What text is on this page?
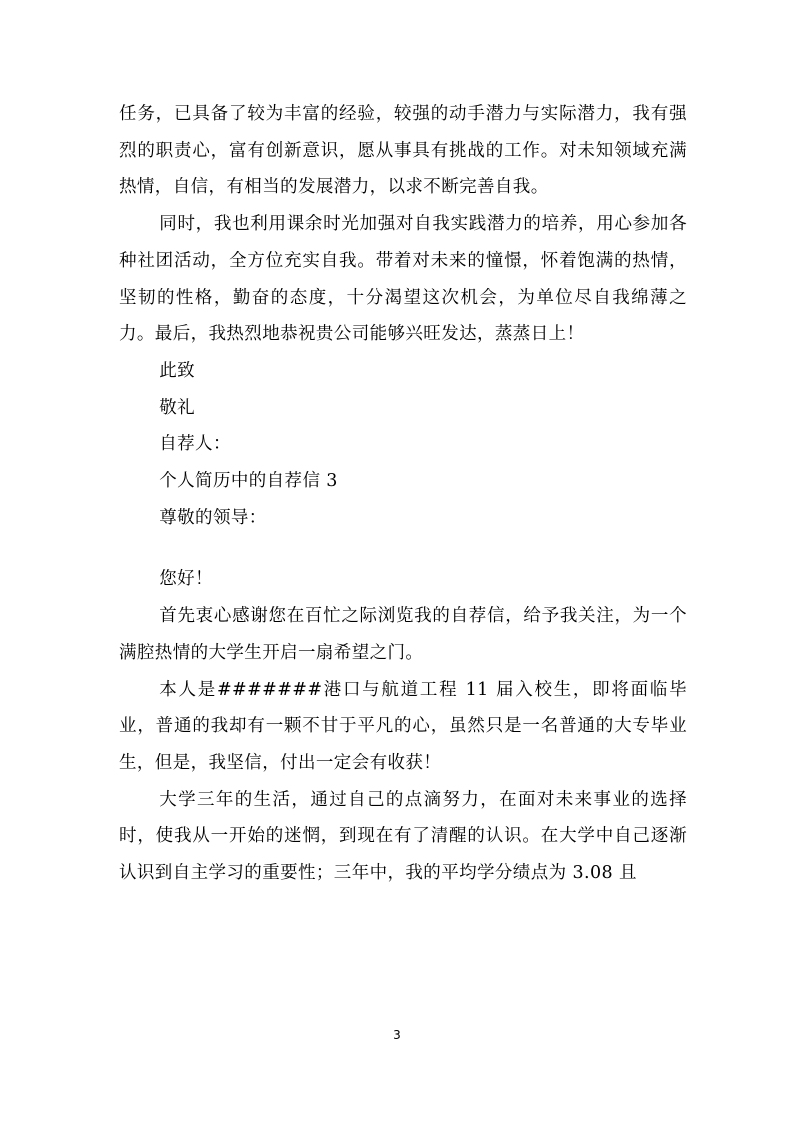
任务，已具备了较为丰富的经验，较强的动手潜力与实际潜力，我有强烈的职责心，富有创新意识，愿从事具有挑战的工作。对未知领域充满热情，自信，有相当的发展潜力，以求不断完善自我。

同时，我也利用课余时光加强对自我实践潜力的培养，用心参加各种社团活动，全方位充实自我。带着对未来的憧憬，怀着饱满的热情，坚韧的性格，勤奋的态度，十分渴望这次机会，为单位尽自我绵薄之力。最后，我热烈地恭祝贵公司能够兴旺发达，蒸蒸日上！

此致

敬礼

自荐人：

个人简历中的自荐信 3

尊敬的领导：

您好！

首先衷心感谢您在百忙之际浏览我的自荐信，给予我关注，为一个满腔热情的大学生开启一扇希望之门。

本人是#######港口与航道工程 11 届入校生，即将面临毕业，普通的我却有一颗不甘于平凡的心，虽然只是一名普通的大专毕业生，但是，我坚信，付出一定会有收获！

大学三年的生活，通过自己的点滴努力，在面对未来事业的选择时，使我从一开始的迷惘，到现在有了清醒的认识。在大学中自己逐渐认识到自主学习的重要性；三年中，我的平均学分绩点为 3.08 且

3
